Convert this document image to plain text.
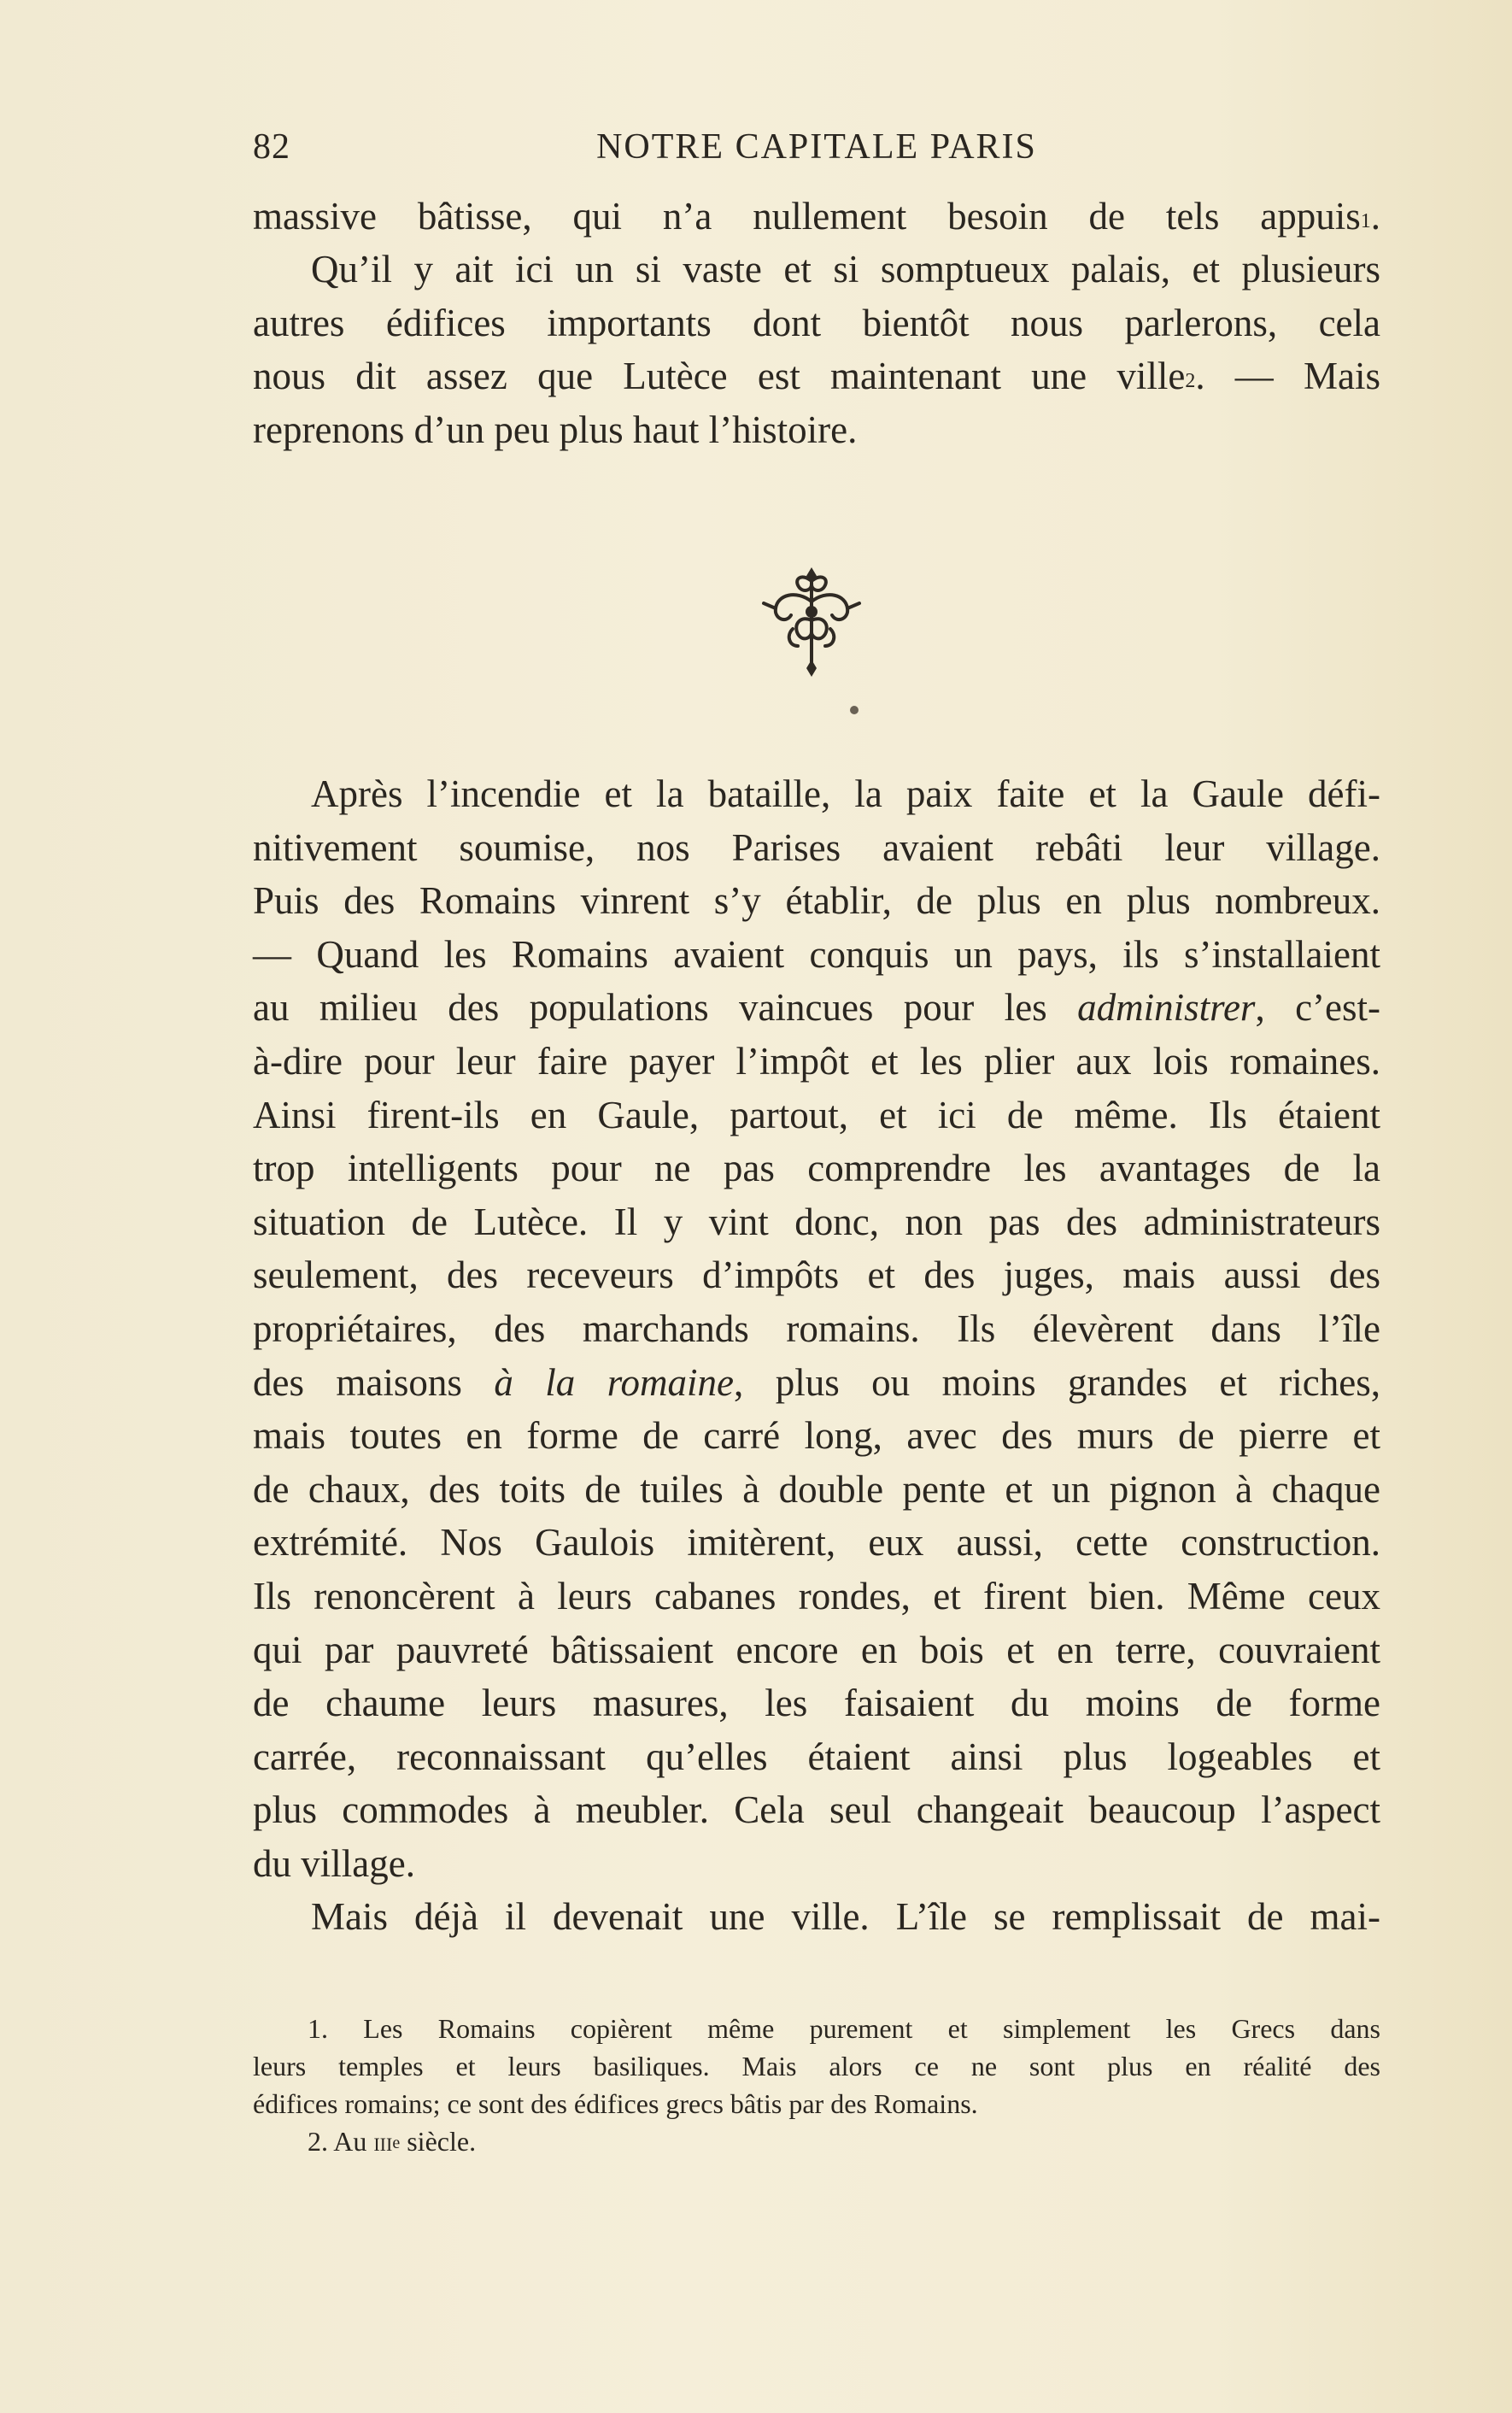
82	NOTRE CAPITALE PARIS
massive bâtisse, qui n’a nullement besoin de tels appuis$^1$.
Qu’il y ait ici un si vaste et si somptueux palais, et plusieurs
autres édifices importants dont bientôt nous parlerons, cela
nous dit assez que Lutèce est maintenant une ville$^2$. — Mais
reprenons d’un peu plus haut l’histoire.
Après l’incendie et la bataille, la paix faite et la Gaule défi-
nitivement soumise, nos Parises avaient rebâti leur village.
Puis des Romains vinrent s’y établir, de plus en plus nombreux.
— Quand les Romains avaient conquis un pays, ils s’installaient
au milieu des populations vaincues pour les administrer, c’est-
à-dire pour leur faire payer l’impôt et les plier aux lois romaines.
Ainsi firent-ils en Gaule, partout, et ici de même. Ils étaient
trop intelligents pour ne pas comprendre les avantages de la
situation de Lutèce. Il y vint donc, non pas des administrateurs
seulement, des receveurs d’impôts et des juges, mais aussi des
propriétaires, des marchands romains. Ils élevèrent dans l’île
des maisons à la romaine, plus ou moins grandes et riches,
mais toutes en forme de carré long, avec des murs de pierre et
de chaux, des toits de tuiles à double pente et un pignon à chaque
extrémité. Nos Gaulois imitèrent, eux aussi, cette construction.
Ils renoncèrent à leurs cabanes rondes, et firent bien. Même ceux
qui par pauvreté bâtissaient encore en bois et en terre, couvraient
de chaume leurs masures, les faisaient du moins de forme
carrée, reconnaissant qu’elles étaient ainsi plus logeables et
plus commodes à meubler. Cela seul changeait beaucoup l’aspect
du village.
Mais déjà il devenait une ville. L’île se remplissait de mai-
1. Les Romains copièrent même purement et simplement les Grecs dans
leurs temples et leurs basiliques. Mais alors ce ne sont plus en réalité des
édifices romains; ce sont des édifices grecs bâtis par des Romains.
2. Au iii$^e$ siècle.
